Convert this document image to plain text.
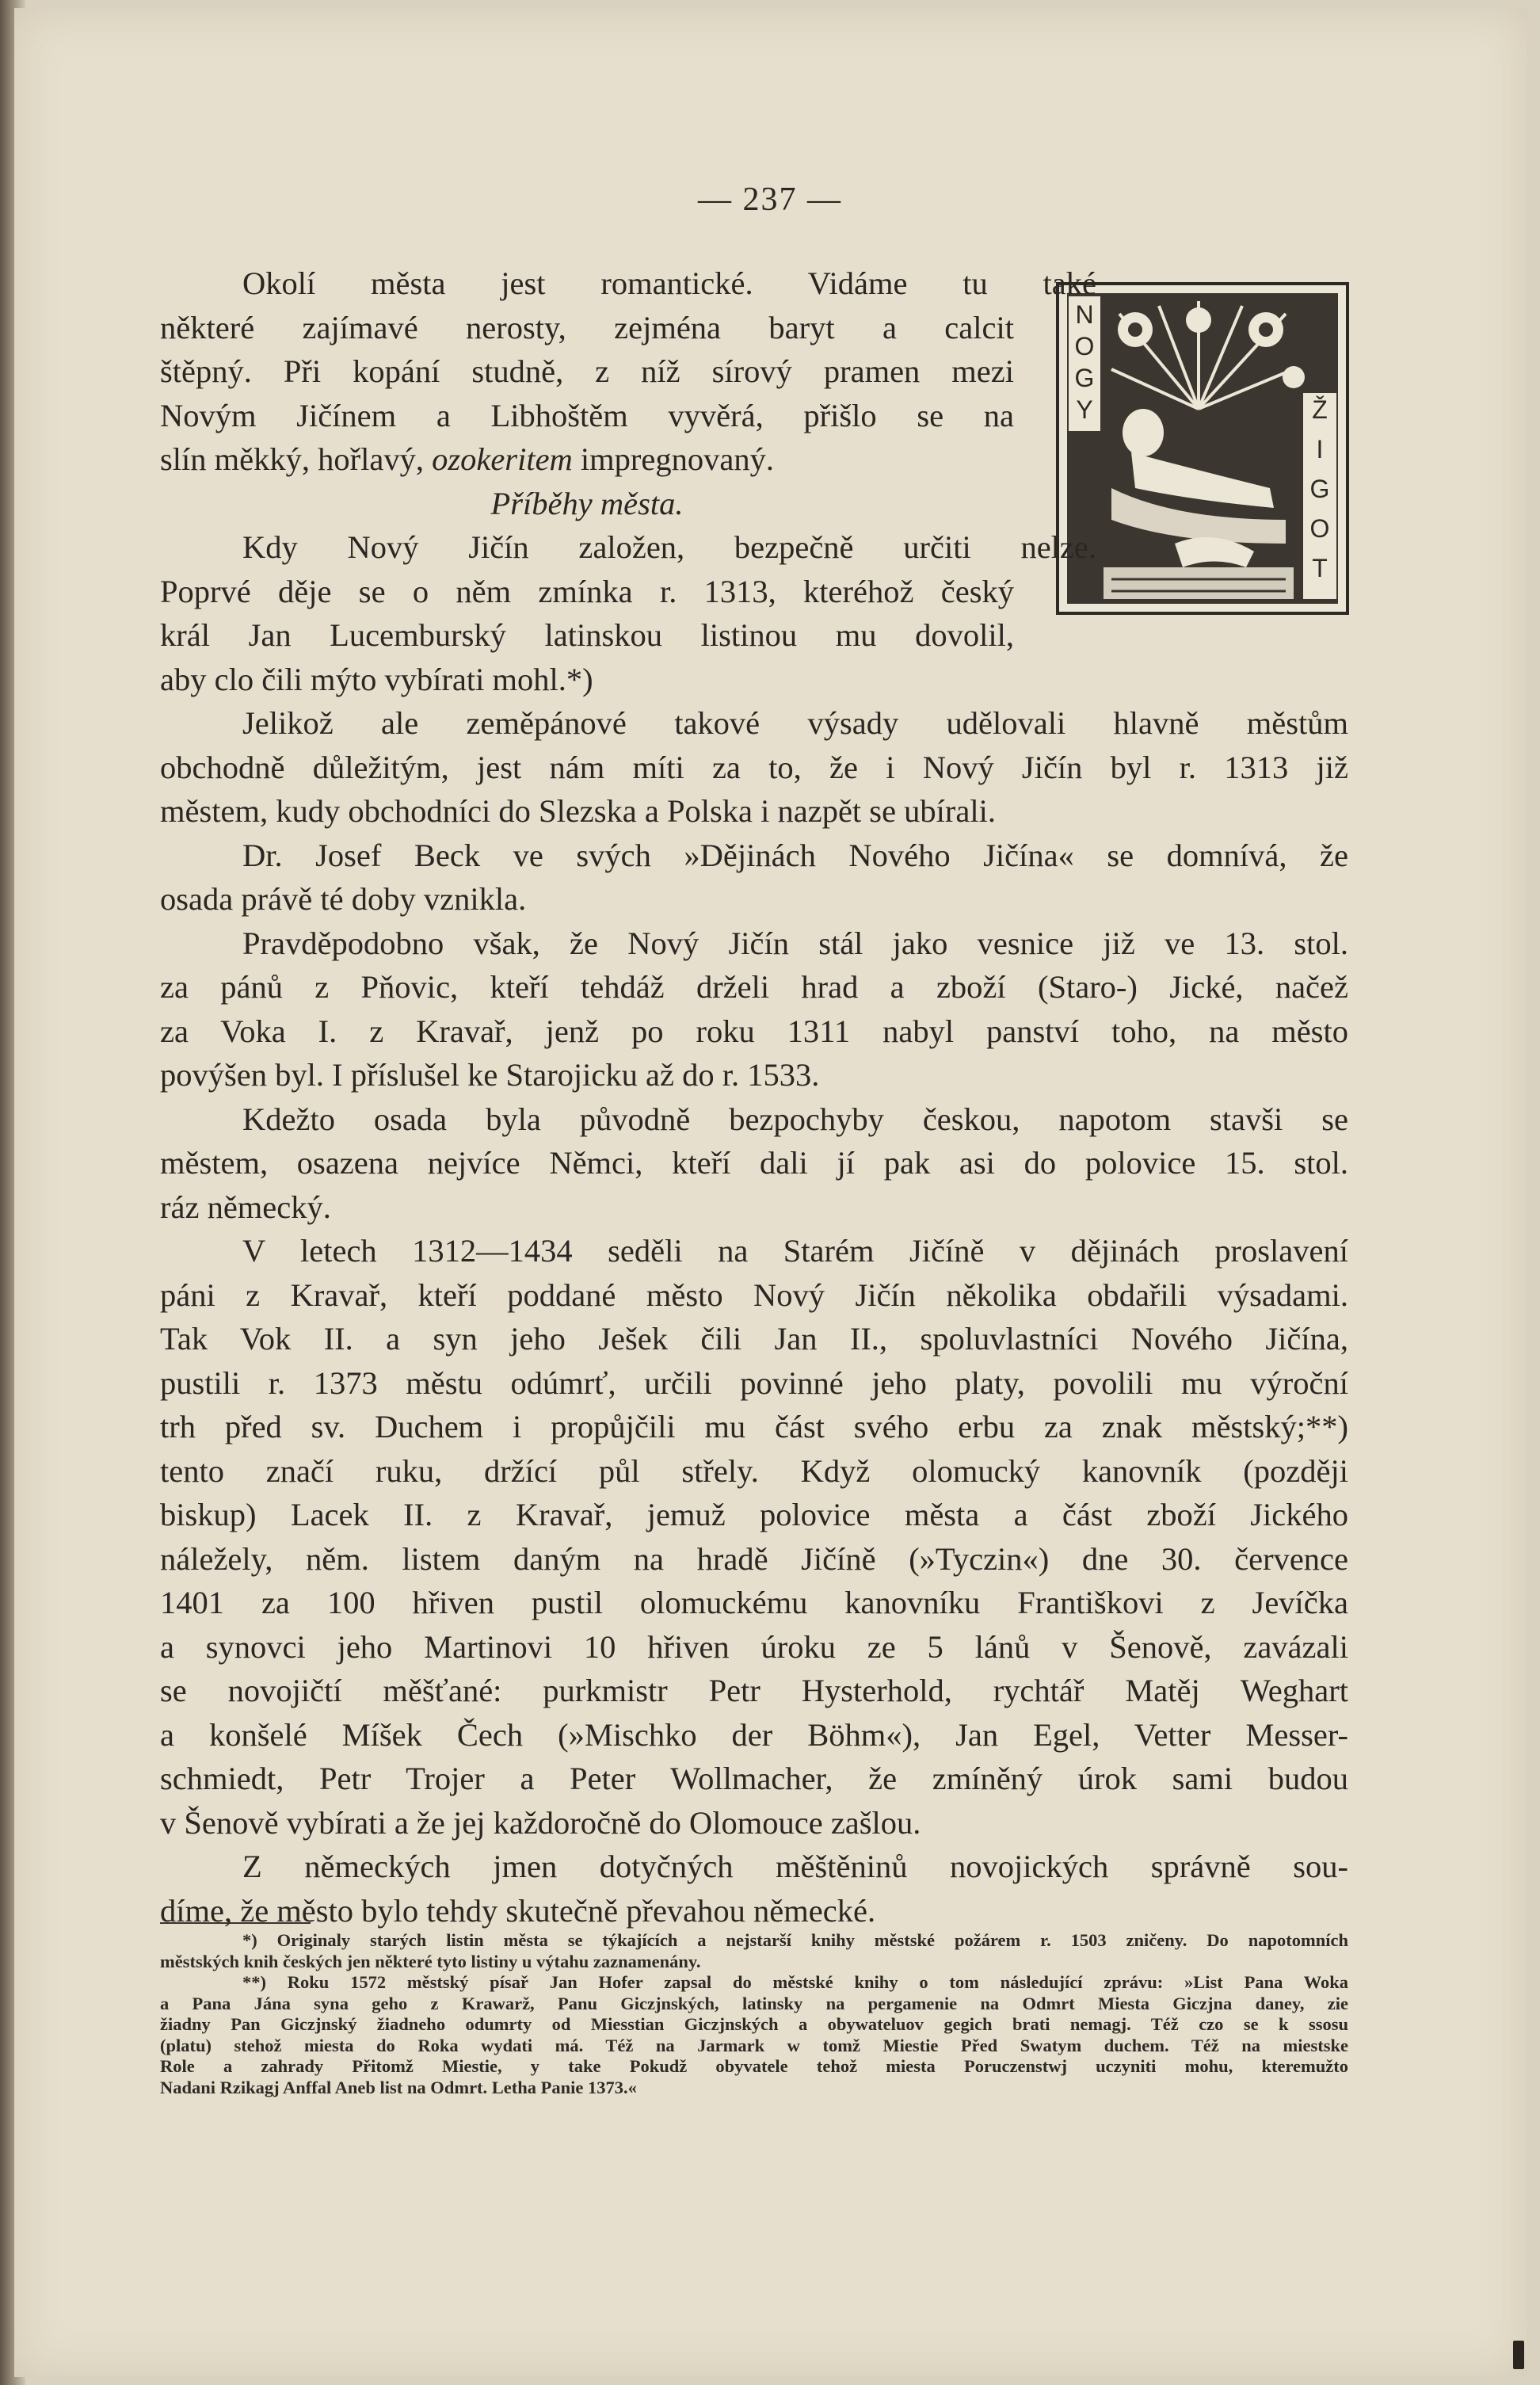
— 237 —
N
O
G
Y	Ž
I
G
O
T
Okolí města jest romantické. Vidáme tu také
některé zajímavé nerosty, zejména baryt a calcit
štěpný. Při kopání studně, z níž sírový pramen mezi
Novým Jičínem a Libhoštěm vyvěrá, přišlo se na
slín měkký, hořlavý, ozokeritem impregnovaný.
Příběhy města.
Kdy Nový Jičín založen, bezpečně určiti nelze.
Poprvé děje se o něm zmínka r. 1313, kteréhož český
král Jan Lucemburský latinskou listinou mu dovolil,
aby clo čili mýto vybírati mohl.*)
Jelikož ale zeměpánové takové výsady udělovali hlavně městům
obchodně důležitým, jest nám míti za to, že i Nový Jičín byl r. 1313 již
městem, kudy obchodníci do Slezska a Polska i nazpět se ubírali.
Dr. Josef Beck ve svých »Dějinách Nového Jičína« se domnívá, že
osada právě té doby vznikla.
Pravděpodobno však, že Nový Jičín stál jako vesnice již ve 13. stol.
za pánů z Pňovic, kteří tehdáž drželi hrad a zboží (Staro-) Jické, načež
za Voka I. z Kravař, jenž po roku 1311 nabyl panství toho, na město
povýšen byl. I příslušel ke Starojicku až do r. 1533.
Kdežto osada byla původně bezpochyby českou, napotom stavši se
městem, osazena nejvíce Němci, kteří dali jí pak asi do polovice 15. stol.
ráz německý.
V letech 1312—1434 seděli na Starém Jičíně v dějinách proslavení
páni z Kravař, kteří poddané město Nový Jičín několika obdařili výsadami.
Tak Vok II. a syn jeho Ješek čili Jan II., spoluvlastníci Nového Jičína,
pustili r. 1373 městu odúmrť, určili povinné jeho platy, povolili mu výroční
trh před sv. Duchem i propůjčili mu část svého erbu za znak městský;**)
tento značí ruku, držící půl střely. Když olomucký kanovník (později
biskup) Lacek II. z Kravař, jemuž polovice města a část zboží Jického
náležely, něm. listem daným na hradě Jičíně (»Tyczin«) dne 30. července
1401 za 100 hřiven pustil olomuckému kanovníku Františkovi z Jevíčka
a synovci jeho Martinovi 10 hřiven úroku ze 5 lánů v Šenově, zavázali
se novojičtí měšťané: purkmistr Petr Hysterhold, rychtář Matěj Weghart
a konšelé Míšek Čech (»Mischko der Böhm«), Jan Egel, Vetter Messer-
schmiedt, Petr Trojer a Peter Wollmacher, že zmíněný úrok sami budou
v Šenově vybírati a že jej každoročně do Olomouce zašlou.
Z německých jmen dotyčných měštěninů novojických správně sou-
díme, že město bylo tehdy skutečně převahou německé.
*) Originaly starých listin města se týkajících a nejstarší knihy městské požárem r. 1503 zničeny. Do napotomních
městských knih českých jen některé tyto listiny u výtahu zaznamenány.
**) Roku 1572 městský písař Jan Hofer zapsal do městské knihy o tom následující zprávu: »List Pana Woka
a Pana Jána syna geho z Krawarž, Panu Giczjnských, latinsky na pergamenie na Odmrt Miesta Giczjna daney, zie
žiadny Pan Giczjnský žiadneho odumrty od Miesstian Giczjnských a obywateluov gegich brati nemagj. Též czo se k ssosu
(platu) stehož miesta do Roka wydati má. Též na Jarmark w tomž Miestie Před Swatym duchem. Též na miestske
Role a zahrady Přitomž Miestie, y take Pokudž obyvatele tehož miesta Poruczenstwj uczyniti mohu, kteremužto
Nadani Rzikagj Anffal Aneb list na Odmrt. Letha Panie 1373.«
